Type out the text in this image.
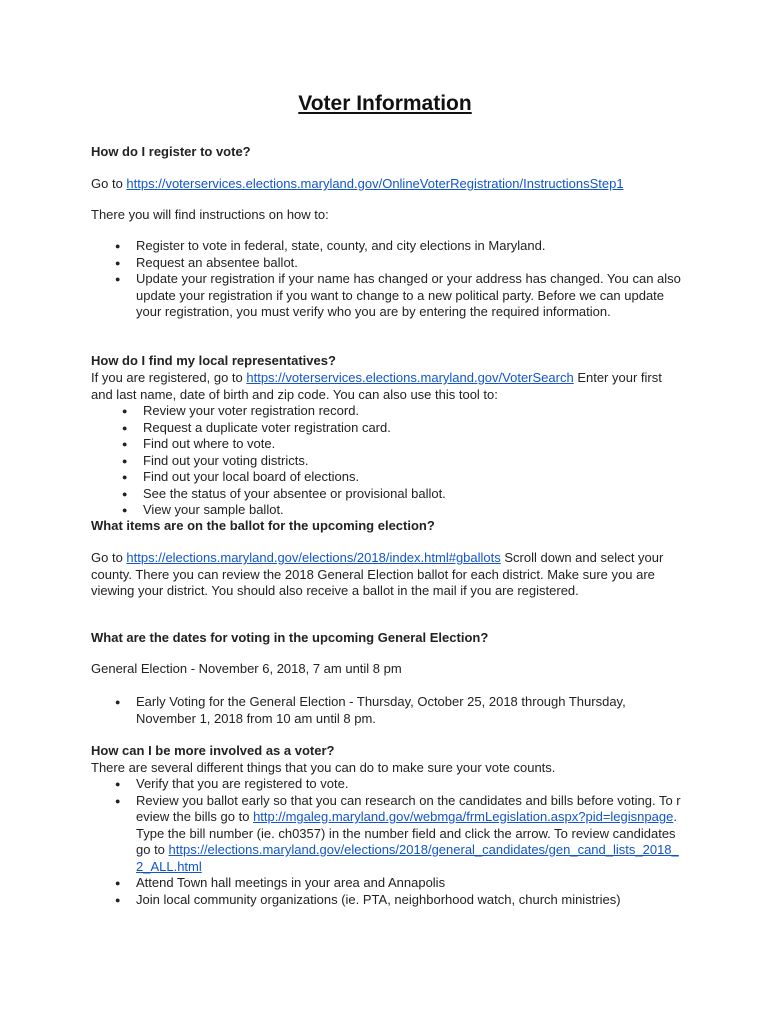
Voter Information
How do I register to vote?
Go to https://voterservices.elections.maryland.gov/OnlineVoterRegistration/InstructionsStep1
There you will find instructions on how to:
● Register to vote in federal, state, county, and city elections in Maryland.
● Request an absentee ballot.
● Update your registration if your name has changed or your address has changed. You can also update your registration if you want to change to a new political party. Before we can update your registration, you must verify who you are by entering the required information.
How do I find my local representatives?
If you are registered, go to https://voterservices.elections.maryland.gov/VoterSearch Enter your first and last name, date of birth and zip code. You can also use this tool to:
● Review your voter registration record.
● Request a duplicate voter registration card.
● Find out where to vote.
● Find out your voting districts.
● Find out your local board of elections.
● See the status of your absentee or provisional ballot.
● View your sample ballot.
What items are on the ballot for the upcoming election?
Go to https://elections.maryland.gov/elections/2018/index.html#gballots Scroll down and select your county. There you can review the 2018 General Election ballot for each district. Make sure you are viewing your district. You should also receive a ballot in the mail if you are registered.
What are the dates for voting in the upcoming General Election?
General Election - November 6, 2018, 7 am until 8 pm
● Early Voting for the General Election - Thursday, October 25, 2018 through Thursday, November 1, 2018 from 10 am until 8 pm.
How can I be more involved as a voter?
There are several different things that you can do to make sure your vote counts.
● Verify that you are registered to vote.
● Review you ballot early so that you can research on the candidates and bills before voting. To review the bills go to http://mgaleg.maryland.gov/webmga/frmLegislation.aspx?pid=legisnpage. Type the bill number (ie. ch0357) in the number field and click the arrow. To review candidates go to https://elections.maryland.gov/elections/2018/general_candidates/gen_cand_lists_2018_2_ALL.html
● Attend Town hall meetings in your area and Annapolis
● Join local community organizations (ie. PTA, neighborhood watch, church ministries)
